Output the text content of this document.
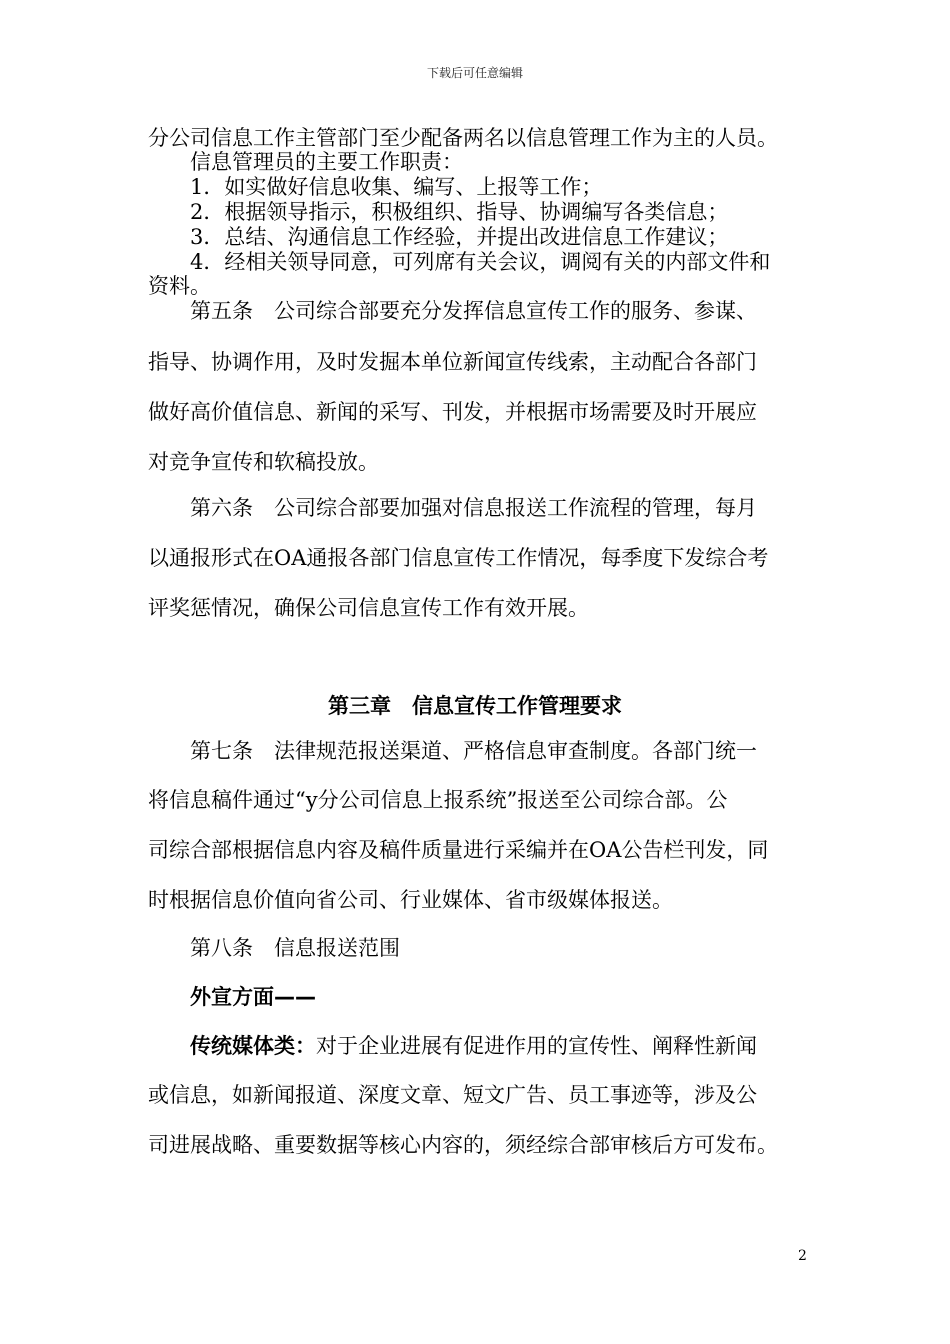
下载后可任意编辑
分公司信息工作主管部门至少配备两名以信息管理工作为主的人员。
信息管理员的主要工作职责：
1．如实做好信息收集、编写、上报等工作；
2．根据领导指示，积极组织、指导、协调编写各类信息；
3．总结、沟通信息工作经验，并提出改进信息工作建议；
4．经相关领导同意，可列席有关会议，调阅有关的内部文件和
资料。
第五条　公司综合部要充分发挥信息宣传工作的服务、参谋、
指导、协调作用，及时发掘本单位新闻宣传线索，主动配合各部门
做好高价值信息、新闻的采写、刊发，并根据市场需要及时开展应
对竞争宣传和软稿投放。
第六条　公司综合部要加强对信息报送工作流程的管理，每月
以通报形式在OA通报各部门信息宣传工作情况，每季度下发综合考
评奖惩情况，确保公司信息宣传工作有效开展。
第三章　信息宣传工作管理要求
第七条　法律规范报送渠道、严格信息审查制度。各部门统一
将信息稿件通过“y分公司信息上报系统”报送至公司综合部。公
司综合部根据信息内容及稿件质量进行采编并在OA公告栏刊发，同
时根据信息价值向省公司、行业媒体、省市级媒体报送。
第八条　信息报送范围
外宣方面——
传统媒体类：对于企业进展有促进作用的宣传性、阐释性新闻
或信息，如新闻报道、深度文章、短文广告、员工事迹等，涉及公
司进展战略、重要数据等核心内容的，须经综合部审核后方可发布。
2
